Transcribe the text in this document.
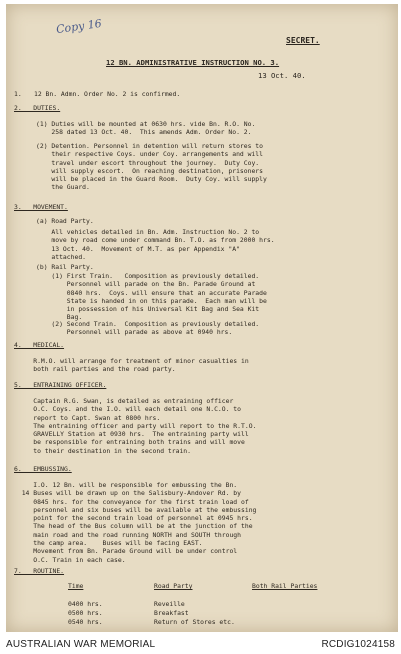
Copy 16
SECRET.
12 BN. ADMINISTRATIVE INSTRUCTION NO. 3.
13 Oct. 40.
1. 12 Bn. Admn. Order No. 2 is confirmed.
2.   DUTIES.
(1) Duties will be mounted at 0630 hrs. vide Bn. R.O. No.
258 dated 13 Oct. 40.  This amends Adm. Order No. 2.
(2) Detention. Personnel in detention will return stores to
their respective Coys. under Coy. arrangements and will
travel under escort throughout the journey.  Duty Coy.
will supply escort.  On reaching destination, prisoners
will be placed in the Guard Room.  Duty Coy. will supply
the Guard.
3.   MOVEMENT.
(a) Road Party.
All vehicles detailed in Bn. Adm. Instruction No. 2 to
move by road come under command Bn. T.O. as from 2000 hrs.
13 Oct. 40.  Movement of M.T. as per Appendix "A"
attached.
(b) Rail Party.
(1) First Train.   Composition as previously detailed.
Personnel will parade on the Bn. Parade Ground at
0840 hrs.  Coys. will ensure that an accurate Parade
State is handed in on this parade.  Each man will be
in possession of his Universal Kit Bag and Sea Kit
Bag.
(2) Second Train.  Composition as previously detailed.
Personnel will parade as above at 0940 hrs.
4.   MEDICAL.
R.M.O. will arrange for treatment of minor casualties in
both rail parties and the road party.
5.   ENTRAINING OFFICER.
Captain R.G. Swan, is detailed as entraining officer
O.C. Coys. and the I.O. will each detail one N.C.O. to
report to Capt. Swan at 0800 hrs.
The entraining officer and party will report to the R.T.O.
GRAVELLY Station at 0930 hrs.  The entraining party will
be responsible for entraining both trains and will move
to their destination in the second train.
6.   EMBUSSING.
I.O. 12 Bn. will be responsible for embussing the Bn.
14 Buses will be drawn up on the Salisbury-Andover Rd. by
0845 hrs. for the conveyance for the first train load of
personnel and six buses will be available at the embussing
point for the second train load of personnel at 0945 hrs.
The head of the Bus column will be at the junction of the
main road and the road running NORTH and SOUTH through
the camp area.    Buses will be facing EAST.
Movement from Bn. Parade Ground will be under control
O.C. Train in each case.
7.   ROUTINE.
Time	Road Party	Both Rail Parties
0400 hrs.	Reveille
0500 hrs.	Breakfast
0540 hrs.	Return of Stores etc.
AUSTRALIAN WAR MEMORIAL	RCDIG1024158
